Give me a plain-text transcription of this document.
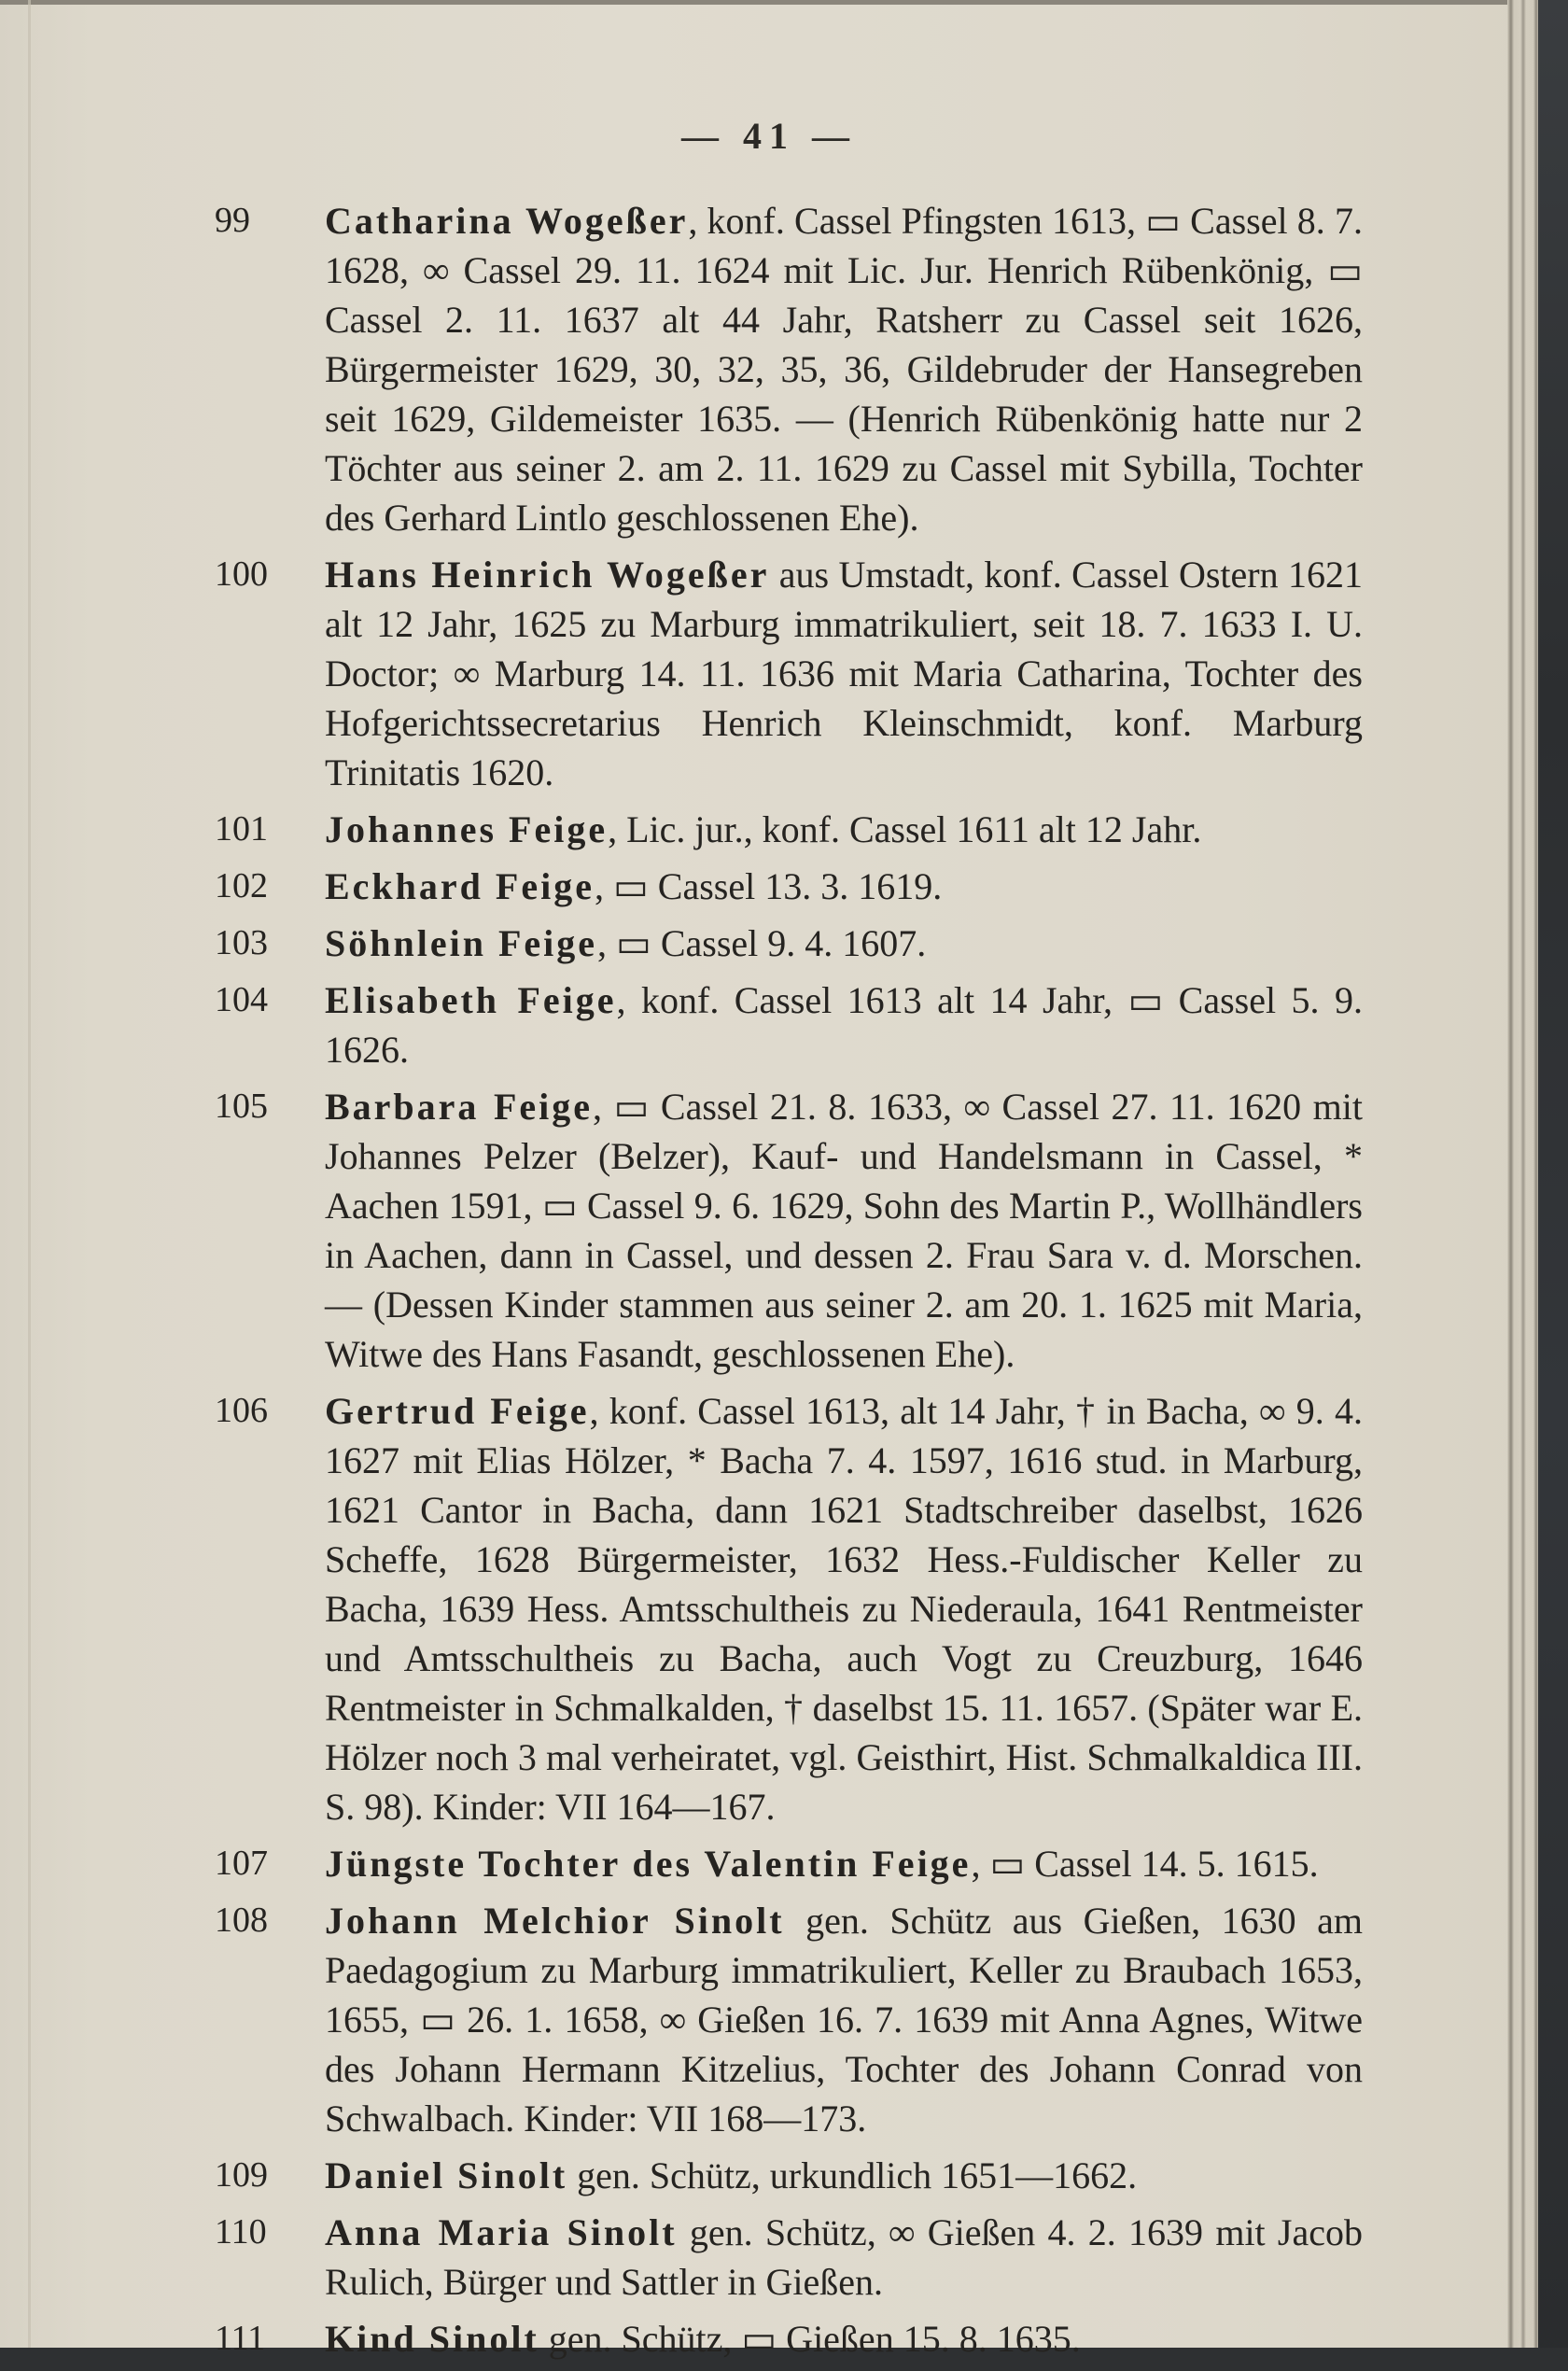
— 41 —
99	Catharina Wogeßer, konf. Cassel Pfingsten 1613, ▭ Cassel 8. 7. 1628, ∞ Cassel 29. 11. 1624 mit Lic. Jur. Henrich Rübenkönig, ▭ Cassel 2. 11. 1637 alt 44 Jahr, Ratsherr zu Cassel seit 1626, Bürgermeister 1629, 30, 32, 35, 36, Gildebruder der Hansegreben seit 1629, Gildemeister 1635. — (Henrich Rübenkönig hatte nur 2 Töchter aus seiner 2. am 2. 11. 1629 zu Cassel mit Sybilla, Tochter des Gerhard Lintlo geschlossenen Ehe).
100 Hans Heinrich Wogeßer aus Umstadt, konf. Cassel Ostern 1621 alt 12 Jahr, 1625 zu Marburg immatrikuliert, seit 18. 7. 1633 I. U. Doctor; ∞ Marburg 14. 11. 1636 mit Maria Catharina, Tochter des Hofgerichtssecretarius Henrich Kleinschmidt, konf. Marburg Trinitatis 1620.
101 Johannes Feige, Lic. jur., konf. Cassel 1611 alt 12 Jahr.
102 Eckhard Feige, ▭ Cassel 13. 3. 1619.
103 Söhnlein Feige, ▭ Cassel 9. 4. 1607.
104 Elisabeth Feige, konf. Cassel 1613 alt 14 Jahr, ▭ Cassel 5. 9. 1626.
105 Barbara Feige, ▭ Cassel 21. 8. 1633, ∞ Cassel 27. 11. 1620 mit Johannes Pelzer (Belzer), Kauf- und Handelsmann in Cassel, * Aachen 1591, ▭ Cassel 9. 6. 1629, Sohn des Martin P., Wollhändlers in Aachen, dann in Cassel, und dessen 2. Frau Sara v. d. Morschen. — (Dessen Kinder stammen aus seiner 2. am 20. 1. 1625 mit Maria, Witwe des Hans Fasandt, geschlossenen Ehe).
106 Gertrud Feige, konf. Cassel 1613, alt 14 Jahr, † in Bacha, ∞ 9. 4. 1627 mit Elias Hölzer, * Bacha 7. 4. 1597, 1616 stud. in Marburg, 1621 Cantor in Bacha, dann 1621 Stadtschreiber daselbst, 1626 Scheffe, 1628 Bürgermeister, 1632 Hess.-Fuldischer Keller zu Bacha, 1639 Hess. Amtsschultheis zu Niederaula, 1641 Rentmeister und Amtsschultheis zu Bacha, auch Vogt zu Creuzburg, 1646 Rentmeister in Schmalkalden, † daselbst 15. 11. 1657. (Später war E. Hölzer noch 3 mal verheiratet, vgl. Geisthirt, Hist. Schmalkaldica III. S. 98). Kinder: VII 164—167.
107 Jüngste Tochter des Valentin Feige, ▭ Cassel 14. 5. 1615.
108 Johann Melchior Sinolt gen. Schütz aus Gießen, 1630 am Paedagogium zu Marburg immatrikuliert, Keller zu Braubach 1653, 1655, ▭ 26. 1. 1658, ∞ Gießen 16. 7. 1639 mit Anna Agnes, Witwe des Johann Hermann Kitzelius, Tochter des Johann Conrad von Schwalbach. Kinder: VII 168—173.
109 Daniel Sinolt gen. Schütz, urkundlich 1651—1662.
110 Anna Maria Sinolt gen. Schütz, ∞ Gießen 4. 2. 1639 mit Jacob Rulich, Bürger und Sattler in Gießen.
111 Kind Sinolt gen. Schütz, ▭ Gießen 15. 8. 1635.
